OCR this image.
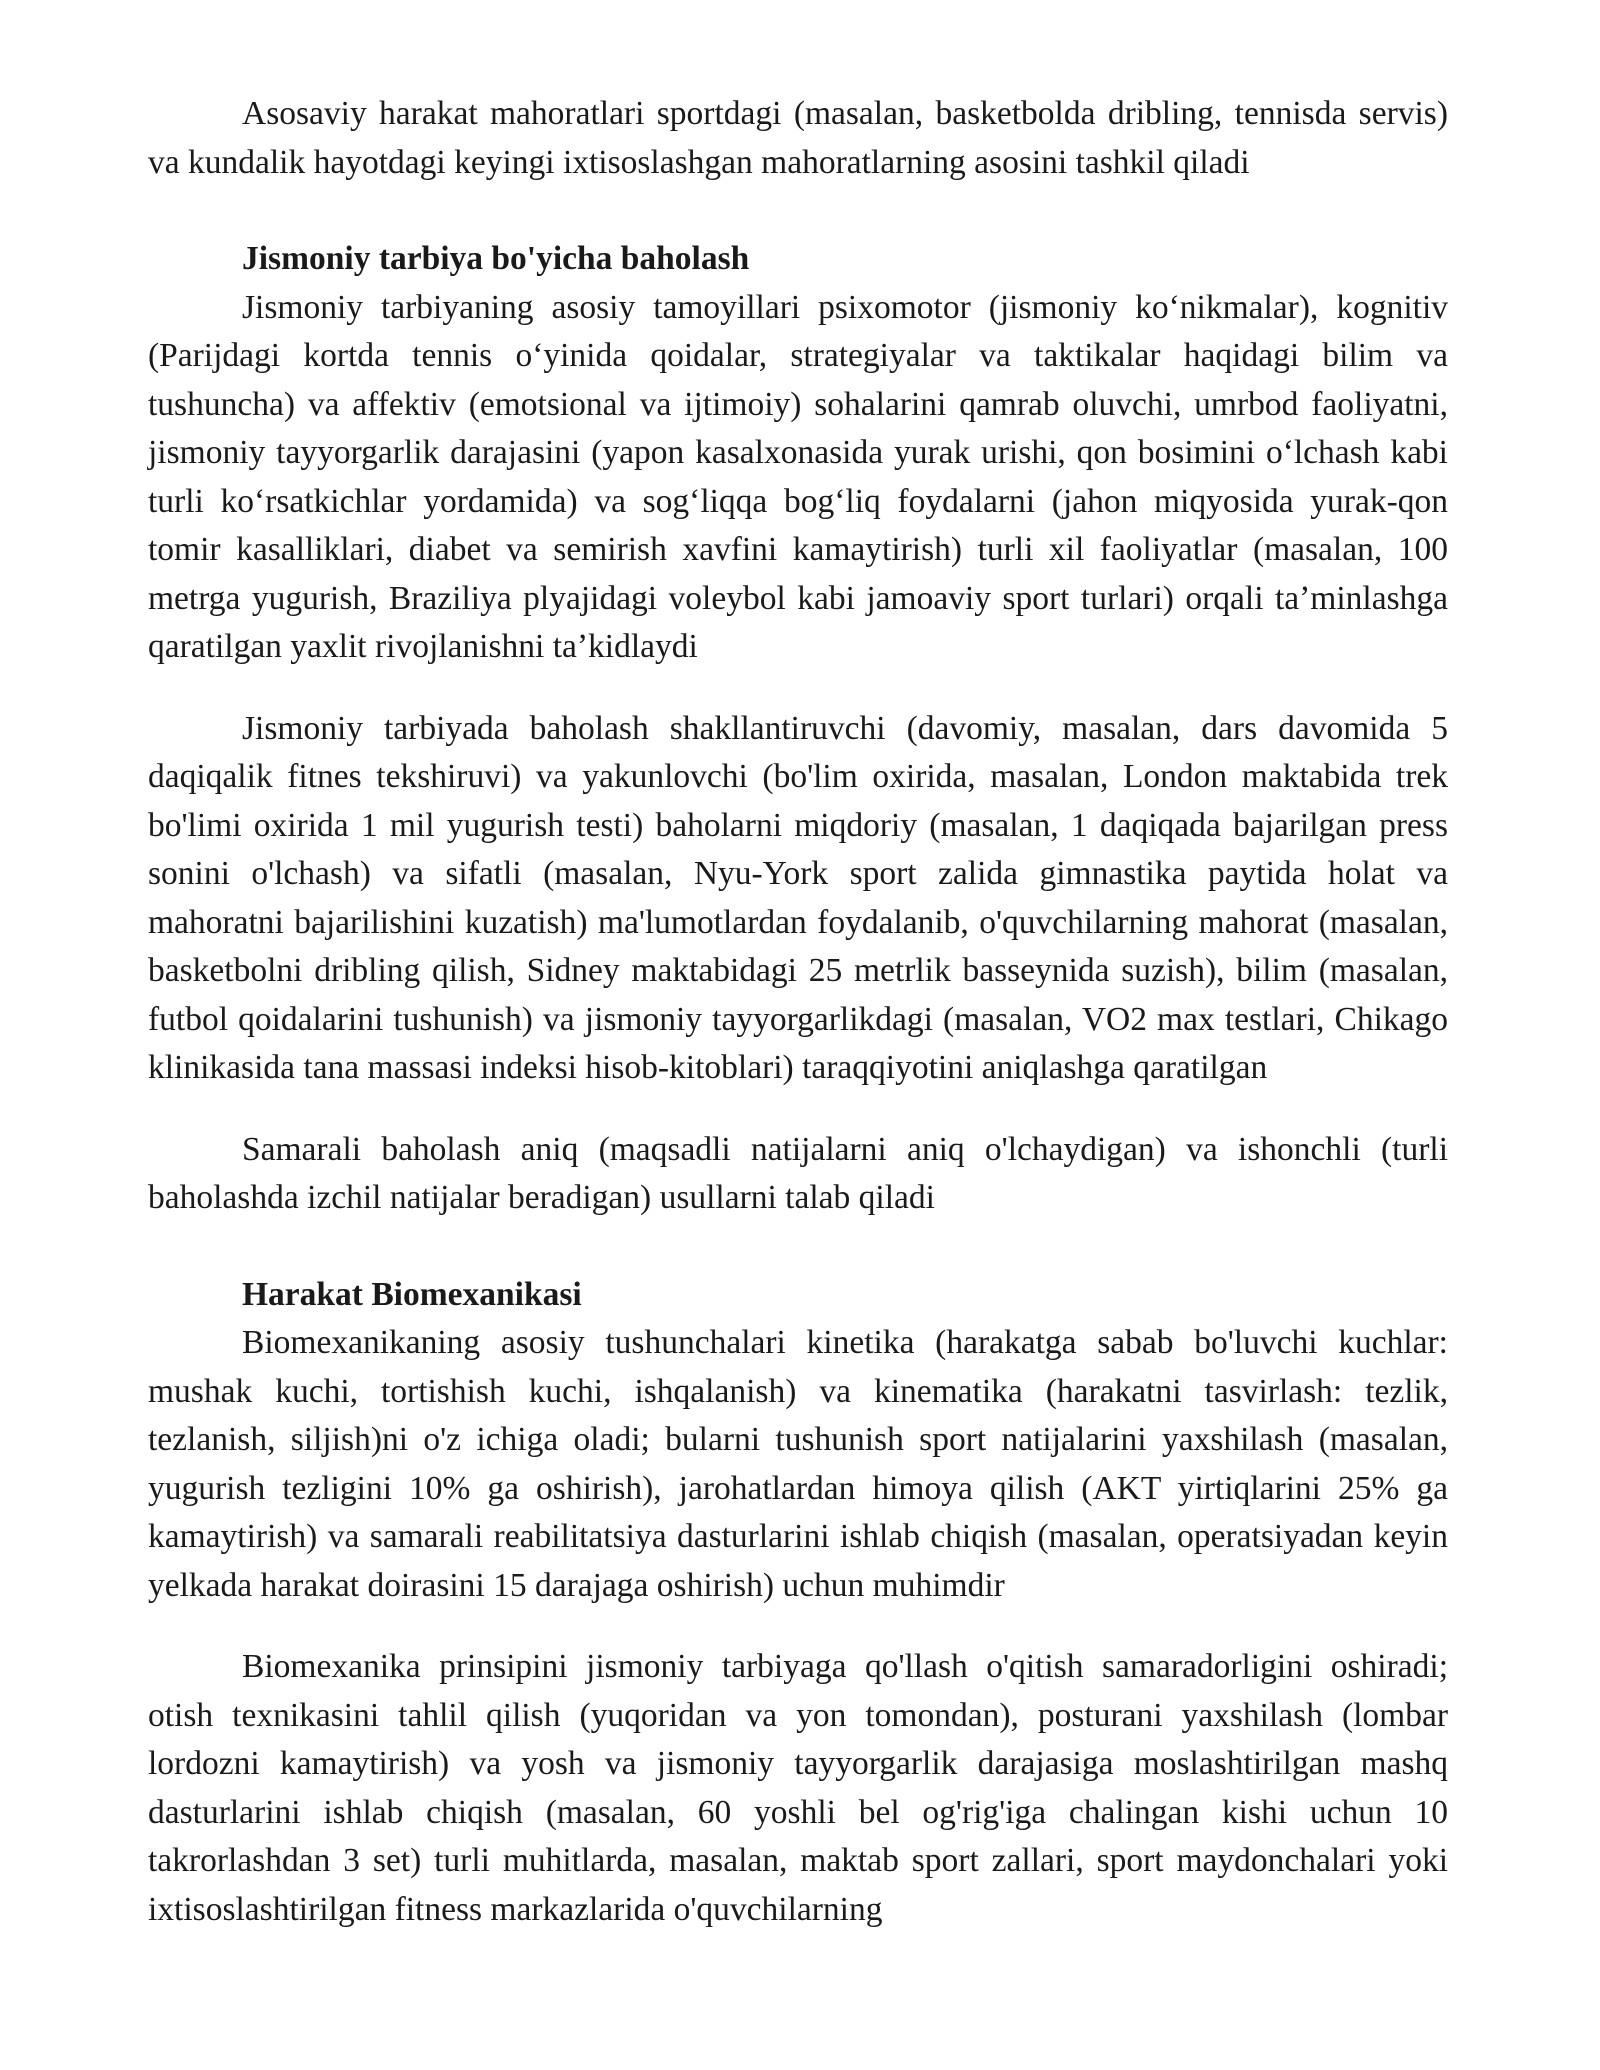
Asosaviy harakat mahoratlari sportdagi (masalan, basketbolda dribling, tennisda servis) va kundalik hayotdagi keyingi ixtisoslashgan mahoratlarning asosini tashkil qiladi

Jismoniy tarbiya bo'yicha baholash

Jismoniy tarbiyaning asosiy tamoyillari psixomotor (jismoniy koʻnikmalar), kognitiv (Parijdagi kortda tennis oʻyinida qoidalar, strategiyalar va taktikalar haqidagi bilim va tushuncha) va affektiv (emotsional va ijtimoiy) sohalarini qamrab oluvchi, umrbod faoliyatni, jismoniy tayyorgarlik darajasini (yapon kasalxonasida yurak urishi, qon bosimini oʻlchash kabi turli koʻrsatkichlar yordamida) va sogʻliqqa bogʻliq foydalarni (jahon miqyosida yurak-qon tomir kasalliklari, diabet va semirish xavfini kamaytirish) turli xil faoliyatlar (masalan, 100 metrga yugurish, Braziliya plyajidagi voleybol kabi jamoaviy sport turlari) orqali taʼminlashga qaratilgan yaxlit rivojlanishni taʼkidlaydi

Jismoniy tarbiyada baholash shakllantiruvchi (davomiy, masalan, dars davomida 5 daqiqalik fitnes tekshiruvi) va yakunlovchi (bo'lim oxirida, masalan, London maktabida trek bo'limi oxirida 1 mil yugurish testi) baholarni miqdoriy (masalan, 1 daqiqada bajarilgan press sonini o'lchash) va sifatli (masalan, Nyu-York sport zalida gimnastika paytida holat va mahoratni bajarilishini kuzatish) ma'lumotlardan foydalanib, o'quvchilarning mahorat (masalan, basketbolni dribling qilish, Sidney maktabidagi 25 metrlik basseynida suzish), bilim (masalan, futbol qoidalarini tushunish) va jismoniy tayyorgarlikdagi (masalan, VO2 max testlari, Chikago klinikasida tana massasi indeksi hisob-kitoblari) taraqqiyotini aniqlashga qaratilgan

Samarali baholash aniq (maqsadli natijalarni aniq o'lchaydigan) va ishonchli (turli baholashda izchil natijalar beradigan) usullarni talab qiladi

Harakat Biomexanikasi

Biomexanikaning asosiy tushunchalari kinetika (harakatga sabab bo'luvchi kuchlar: mushak kuchi, tortishish kuchi, ishqalanish) va kinematika (harakatni tasvirlash: tezlik, tezlanish, siljish)ni o'z ichiga oladi; bularni tushunish sport natijalarini yaxshilash (masalan, yugurish tezligini 10% ga oshirish), jarohatlardan himoya qilish (AKT yirtiqlarini 25% ga kamaytirish) va samarali reabilitatsiya dasturlarini ishlab chiqish (masalan, operatsiyadan keyin yelkada harakat doirasini 15 darajaga oshirish) uchun muhimdir

Biomexanika prinsipini jismoniy tarbiyaga qo'llash o'qitish samaradorligini oshiradi; otish texnikasini tahlil qilish (yuqoridan va yon tomondan), posturani yaxshilash (lombar lordozni kamaytirish) va yosh va jismoniy tayyorgarlik darajasiga moslashtirilgan mashq dasturlarini ishlab chiqish (masalan, 60 yoshli bel og'rig'iga chalingan kishi uchun 10 takrorlashdan 3 set) turli muhitlarda, masalan, maktab sport zallari, sport maydonchalari yoki ixtisoslashtirilgan fitness markazlarida o'quvchilarning
